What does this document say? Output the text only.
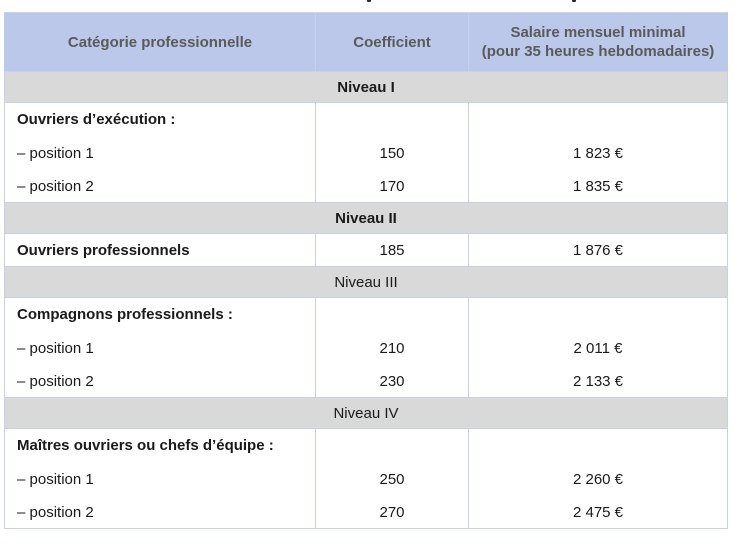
Catégorie professionnelle	Coefficient	Salaire mensuel minimal
(pour 35 heures hebdomadaires)
Niveau I		
Ouvriers d’exécution :		
– position 1	150	1 823 €
– position 2	170	1 835 €
Niveau II		
Ouvriers professionnels	185	1 876 €
Niveau III		
Compagnons professionnels :		
– position 1	210	2 011 €
– position 2	230	2 133 €
Niveau IV		
Maîtres ouvriers ou chefs d’équipe :		
– position 1	250	2 260 €
– position 2	270	2 475 €
